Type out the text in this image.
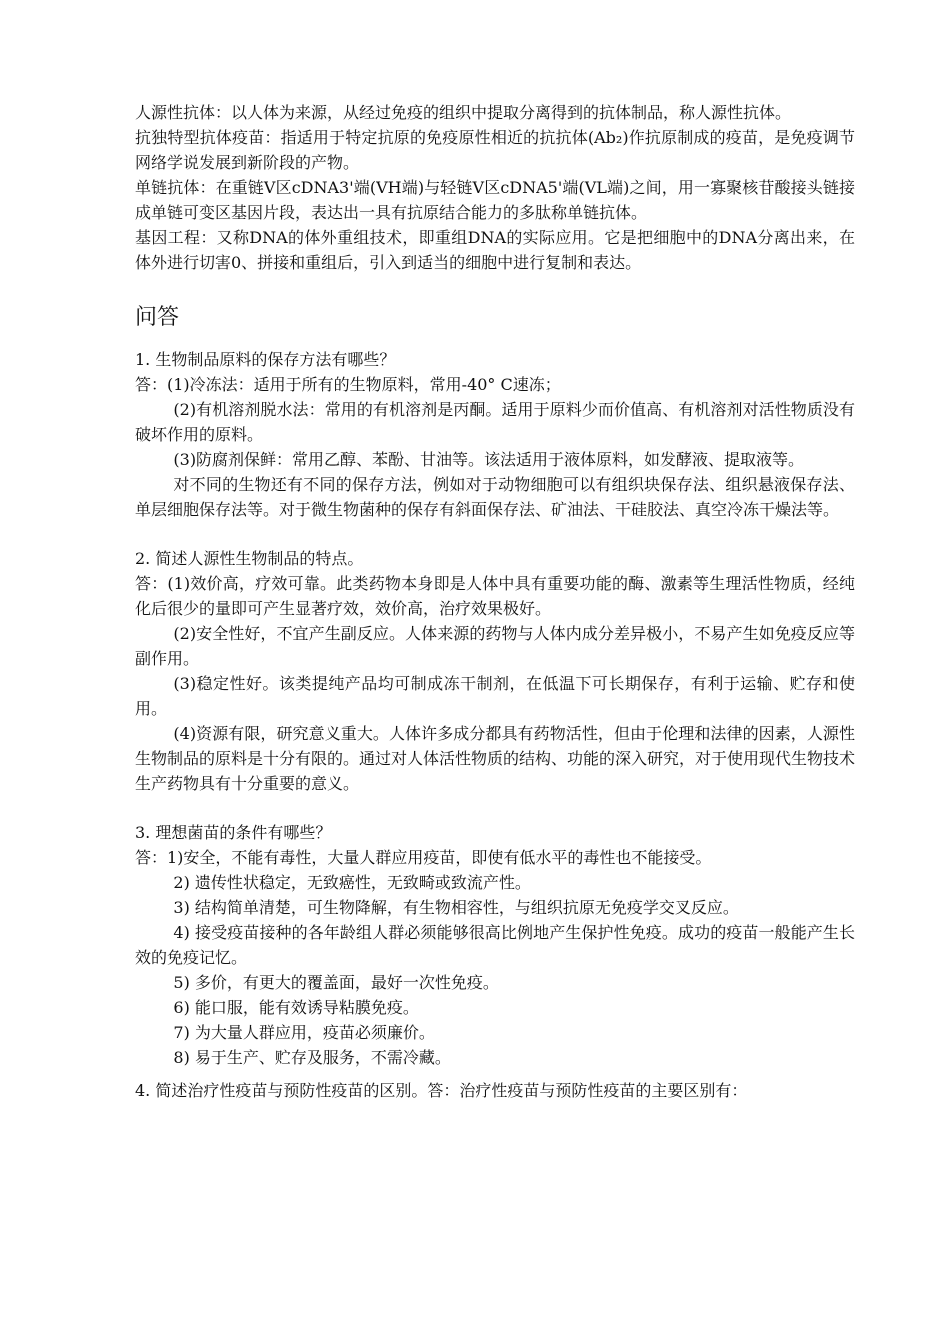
人源性抗体：以人体为来源，从经过免疫的组织中提取分离得到的抗体制品，称人源性抗体。

抗独特型抗体疫苗：指适用于特定抗原的免疫原性相近的抗抗体(Ab₂)作抗原制成的疫苗，是免疫调节网络学说发展到新阶段的产物。

单链抗体：在重链Ⅴ区cDNA3'端(VH端)与轻链Ⅴ区cDNA5'端(VL端)之间，用一寡聚核苷酸接头链接成单链可变区基因片段，表达出一具有抗原结合能力的多肽称单链抗体。

基因工程：又称DNA的体外重组技术，即重组DNA的实际应用。它是把细胞中的DNA分离出来，在体外进行切害0、拼接和重组后，引入到适当的细胞中进行复制和表达。

问答

1. 生物制品原料的保存方法有哪些？

答：(1)冷冻法：适用于所有的生物原料，常用-40° C速冻；

(2)有机溶剂脱水法：常用的有机溶剂是丙酮。适用于原料少而价值高、有机溶剂对活性物质没有破坏作用的原料。

(3)防腐剂保鲜：常用乙醇、苯酚、甘油等。该法适用于液体原料，如发酵液、提取液等。

对不同的生物还有不同的保存方法，例如对于动物细胞可以有组织块保存法、组织悬液保存法、单层细胞保存法等。对于微生物菌种的保存有斜面保存法、矿油法、干硅胶法、真空冷冻干燥法等。

2. 简述人源性生物制品的特点。

答：(1)效价高，疗效可靠。此类药物本身即是人体中具有重要功能的酶、激素等生理活性物质，经纯化后很少的量即可产生显著疗效，效价高，治疗效果极好。

(2)安全性好，不宜产生副反应。人体来源的药物与人体内成分差异极小，不易产生如免疫反应等副作用。

(3)稳定性好。该类提纯产品均可制成冻干制剂，在低温下可长期保存，有利于运输、贮存和使用。

(4)资源有限，研究意义重大。人体许多成分都具有药物活性，但由于伦理和法律的因素，人源性生物制品的原料是十分有限的。通过对人体活性物质的结构、功能的深入研究，对于使用现代生物技术生产药物具有十分重要的意义。

3. 理想菌苗的条件有哪些？

答：1)安全，不能有毒性，大量人群应用疫苗，即使有低水平的毒性也不能接受。

2) 遗传性状稳定，无致癌性，无致畸或致流产性。

3) 结构简单清楚，可生物降解，有生物相容性，与组织抗原无免疫学交叉反应。

4) 接受疫苗接种的各年龄组人群必须能够很高比例地产生保护性免疫。成功的疫苗一般能产生长效的免疫记忆。

5) 多价，有更大的覆盖面，最好一次性免疫。

6) 能口服，能有效诱导粘膜免疫。

7) 为大量人群应用，疫苗必须廉价。

8) 易于生产、贮存及服务，不需冷藏。

4. 简述治疗性疫苗与预防性疫苗的区别。答：治疗性疫苗与预防性疫苗的主要区别有：
